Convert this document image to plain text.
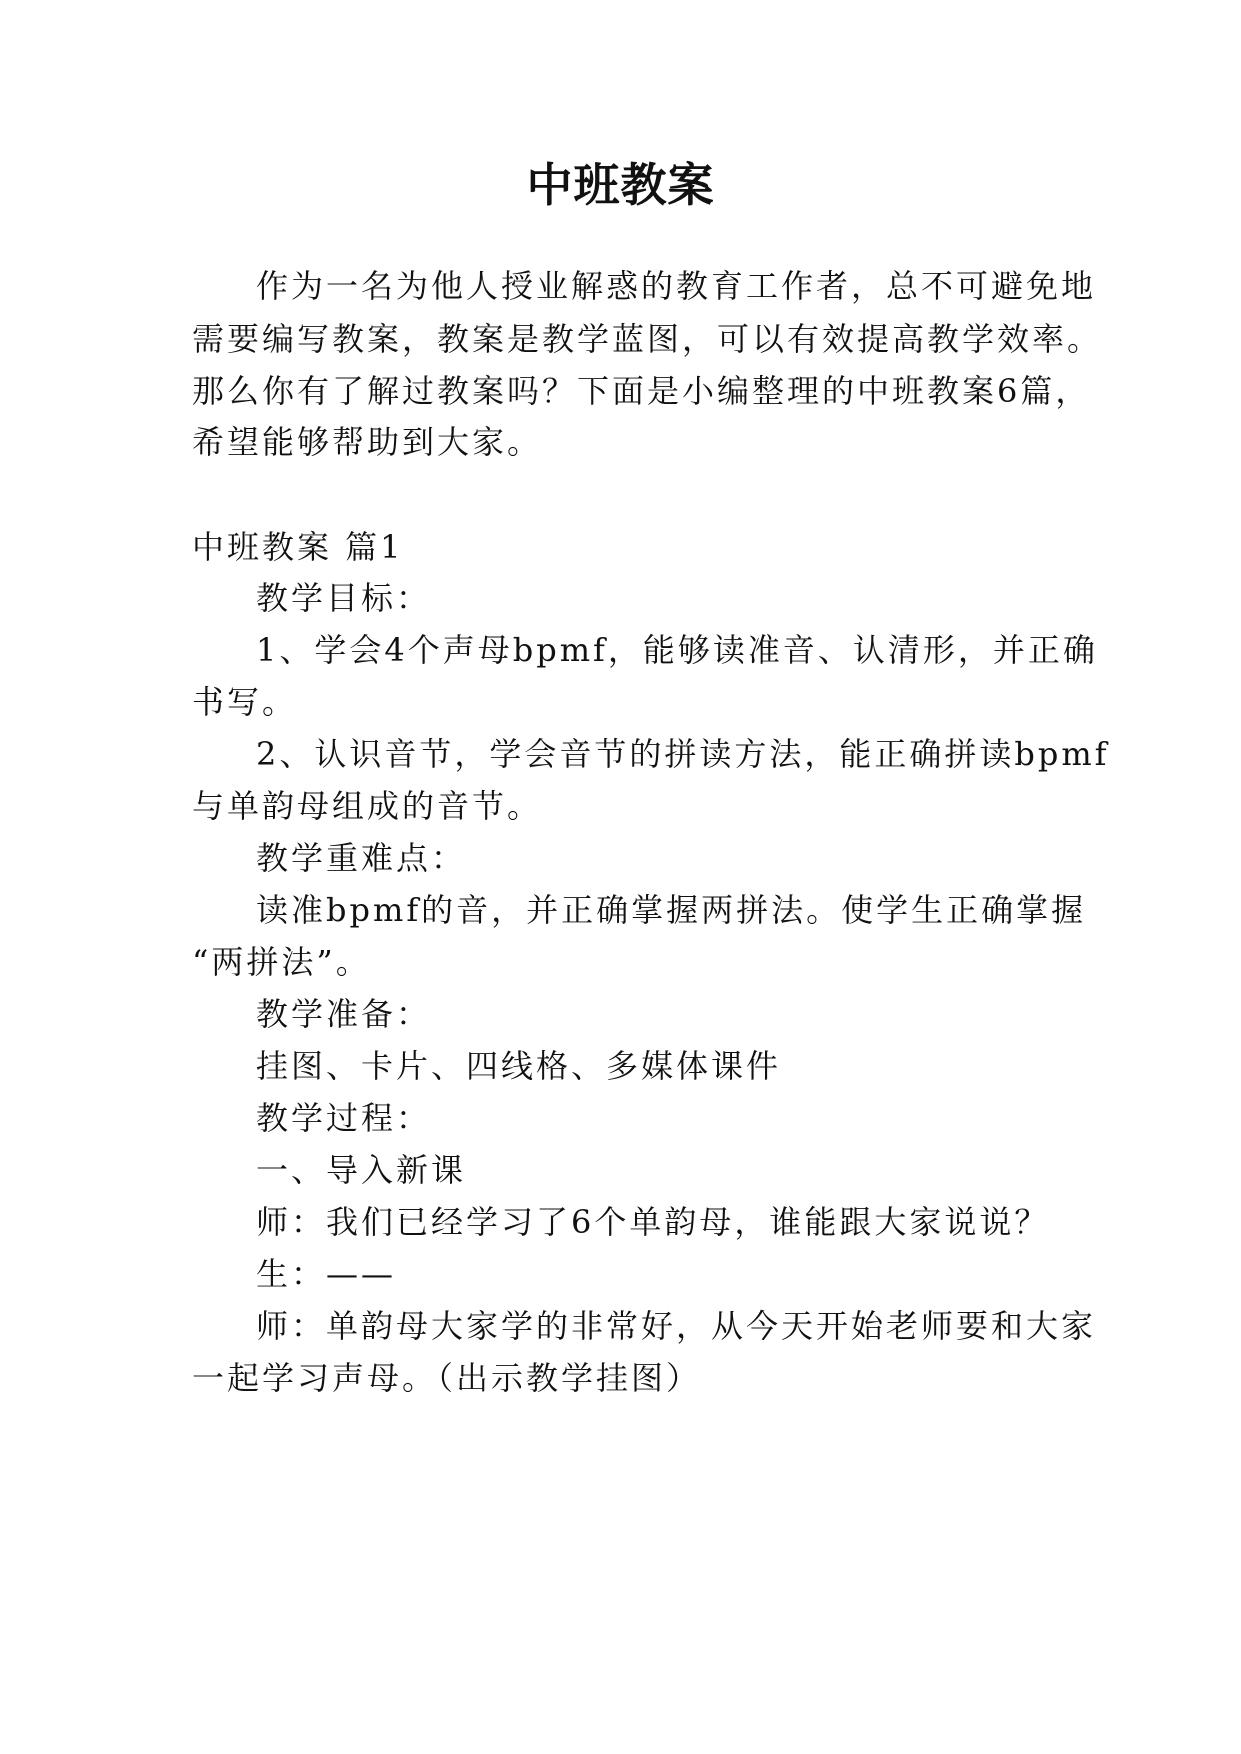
中班教案
作为一名为他人授业解惑的教育工作者，总不可避免地
需要编写教案，教案是教学蓝图，可以有效提高教学效率。
那么你有了解过教案吗？下面是小编整理的中班教案6篇，
希望能够帮助到大家。
中班教案 篇1
教学目标：
1、学会4个声母bpmf，能够读准音、认清形，并正确
书写。
2、认识音节，学会音节的拼读方法，能正确拼读bpmf
与单韵母组成的音节。
教学重难点：
读准bpmf的音，并正确掌握两拼法。使学生正确掌握
“两拼法”。
教学准备：
挂图、卡片、四线格、多媒体课件
教学过程：
一、导入新课
师：我们已经学习了6个单韵母，谁能跟大家说说？
生：——
师：单韵母大家学的非常好，从今天开始老师要和大家
一起学习声母。（出示教学挂图）
